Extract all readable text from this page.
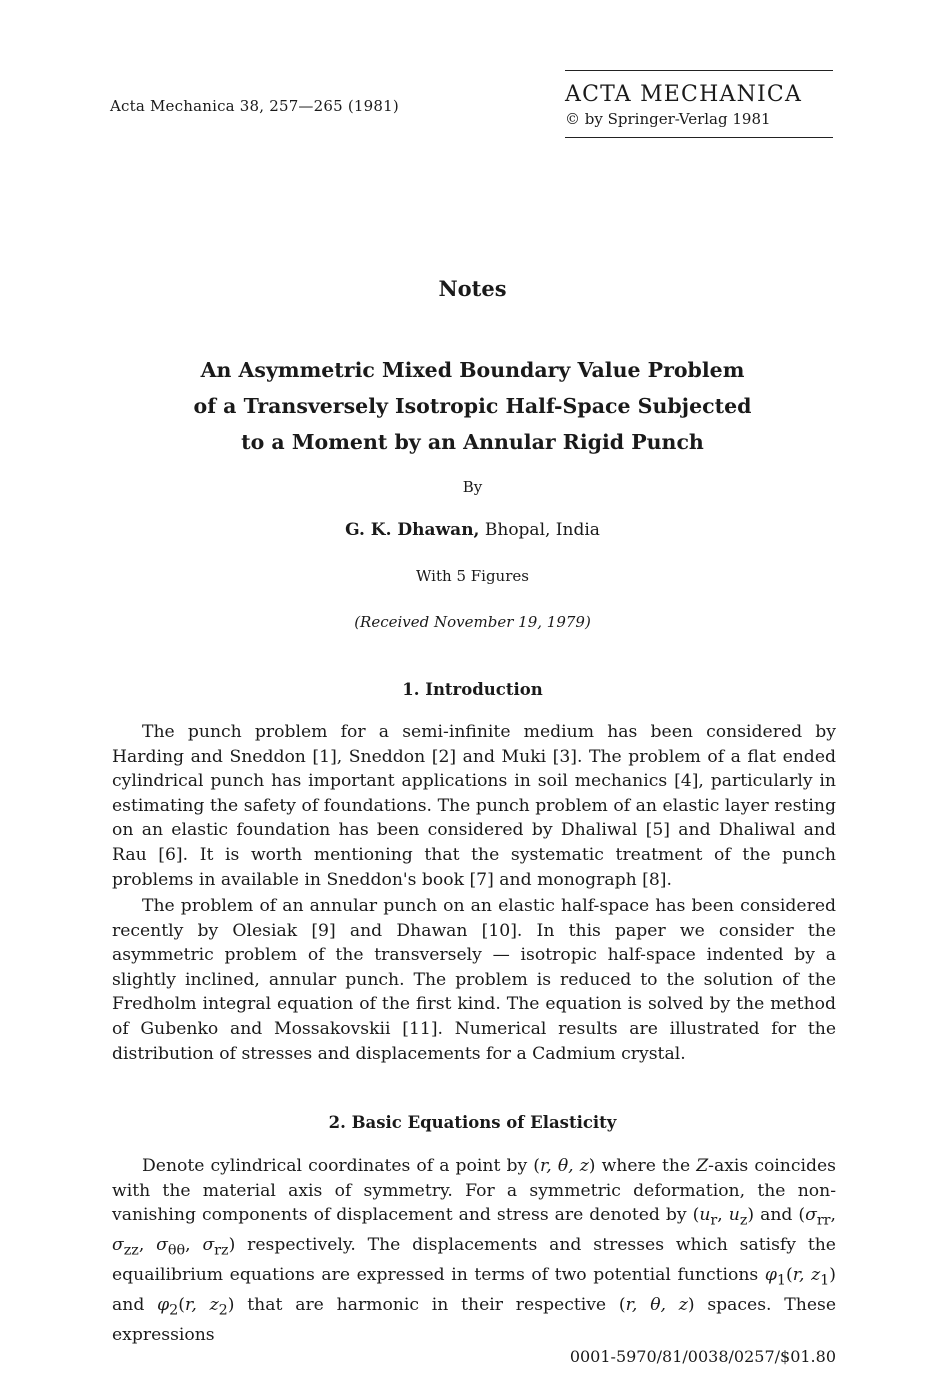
Acta Mechanica 38, 257—265 (1981)	ACTA MECHANICA
© by Springer-Verlag 1981
Notes
An Asymmetric Mixed Boundary Value Problem
of a Transversely Isotropic Half-Space Subjected
to a Moment by an Annular Rigid Punch
By
G. K. Dhawan, Bhopal, India
With 5 Figures
(Received November 19, 1979)
1. Introduction
The punch problem for a semi-infinite medium has been considered by Harding and Sneddon [1], Sneddon [2] and Muki [3]. The problem of a flat ended cylindrical punch has important applications in soil mechanics [4], particularly in estimating the safety of foundations. The punch problem of an elastic layer resting on an elastic foundation has been considered by Dhaliwal [5] and Dhaliwal and Rau [6]. It is worth mentioning that the systematic treatment of the punch problems in available in Sneddon's book [7] and monograph [8].
The problem of an annular punch on an elastic half-space has been considered recently by Olesiak [9] and Dhawan [10]. In this paper we consider the asymmetric problem of the transversely — isotropic half-space indented by a slightly inclined, annular punch. The problem is reduced to the solution of the Fredholm integral equation of the first kind. The equation is solved by the method of Gubenko and Mossakovskii [11]. Numerical results are illustrated for the distribution of stresses and displacements for a Cadmium crystal.
2. Basic Equations of Elasticity
Denote cylindrical coordinates of a point by (r, θ, z) where the Z-axis coincides with the material axis of symmetry. For a symmetric deformation, the non-vanishing components of displacement and stress are denoted by ($u_r$, $u_z$) and ($\sigma_{rr}$, $\sigma_{zz}$, $\sigma_{\theta\theta}$, $\sigma_{rz}$) respectively. The displacements and stresses which satisfy the equailibrium equations are expressed in terms of two potential functions $\varphi_1(r$, $z_1$) and $\varphi_2(r$, $z_2$) that are harmonic in their respective (r, θ, z) spaces. These expressions
0001-5970/81/0038/0257/$01.80
